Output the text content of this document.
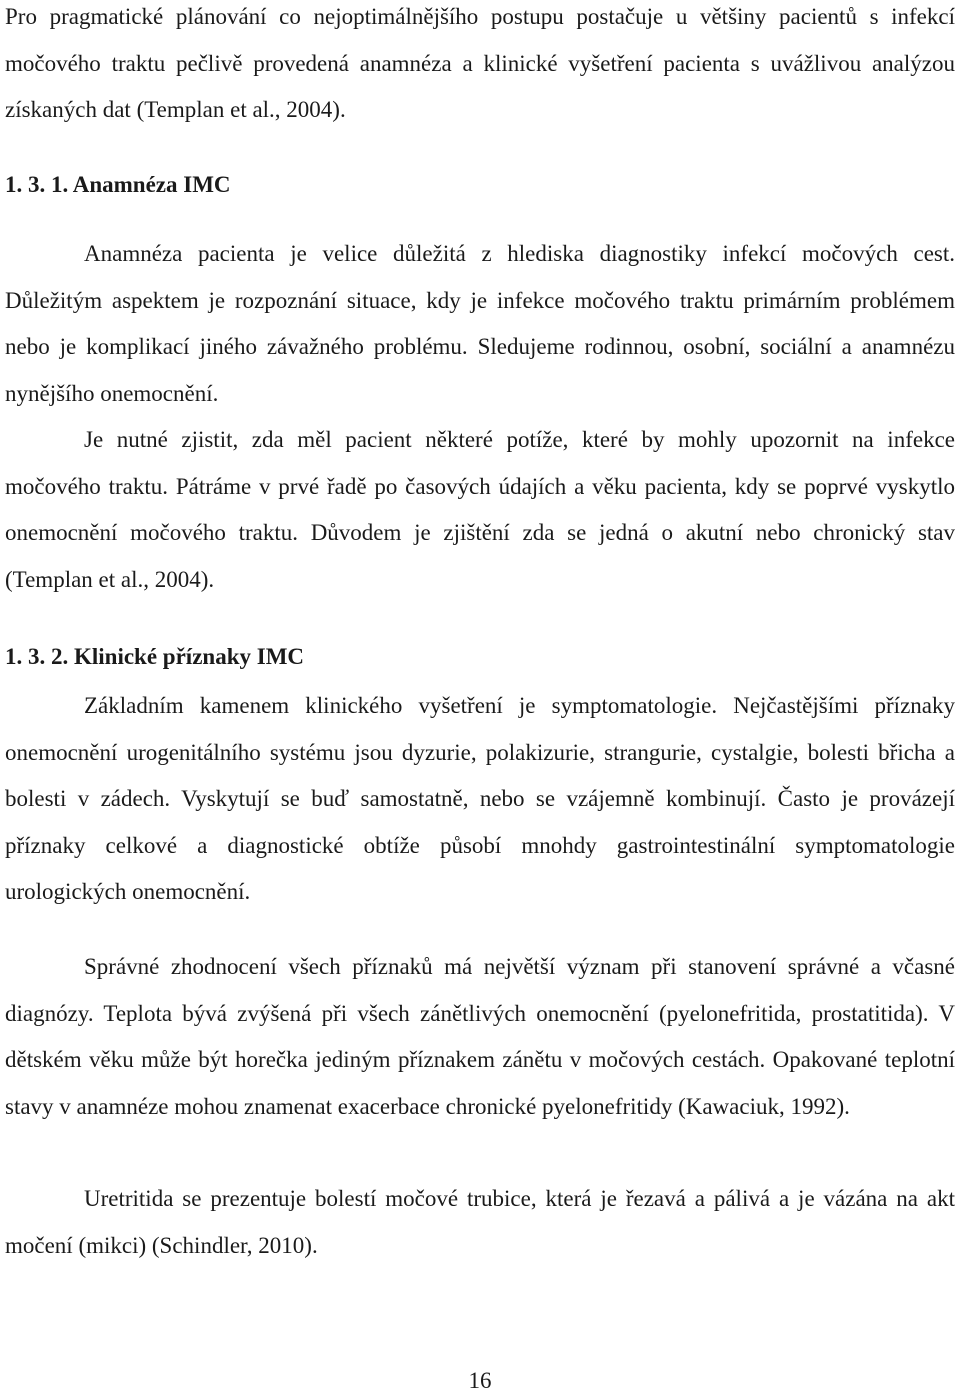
Pro pragmatické plánování co nejoptimálnějšího postupu postačuje u většiny pacientů s infekcí močového traktu pečlivě provedená anamnéza a klinické vyšetření pacienta s uvážlivou analýzou získaných dat (Templan et al., 2004).

1. 3. 1. Anamnéza IMC

Anamnéza pacienta je velice důležitá z hlediska diagnostiky infekcí močových cest. Důležitým aspektem je rozpoznání situace, kdy je infekce močového traktu primárním problémem nebo je komplikací jiného závažného problému. Sledujeme rodinnou, osobní, sociální a anamnézu nynějšího onemocnění.

Je nutné zjistit, zda měl pacient některé potíže, které by mohly upozornit na infekce močového traktu. Pátráme v prvé řadě po časových údajích a věku pacienta, kdy se poprvé vyskytlo onemocnění močového traktu. Důvodem je zjištění zda se jedná o akutní nebo chronický stav (Templan et al., 2004).

1. 3. 2. Klinické příznaky IMC

Základním kamenem klinického vyšetření je symptomatologie. Nejčastějšími příznaky onemocnění urogenitálního systému jsou dyzurie, polakizurie, strangurie, cystalgie, bolesti břicha a bolesti v zádech. Vyskytují se buď samostatně, nebo se vzájemně kombinují. Často je provázejí příznaky celkové a diagnostické obtíže působí mnohdy gastrointestinální symptomatologie urologických onemocnění.

Správné zhodnocení všech příznaků má největší význam při stanovení správné a včasné diagnózy. Teplota bývá zvýšená při všech zánětlivých onemocnění (pyelonefritida, prostatitida). V dětském věku může být horečka jediným příznakem zánětu v močových cestách. Opakované teplotní stavy v anamnéze mohou znamenat exacerbace chronické pyelonefritidy (Kawaciuk, 1992).

Uretritida se prezentuje bolestí močové trubice, která je řezavá a pálivá a je vázána na akt močení (mikci) (Schindler, 2010).

16
